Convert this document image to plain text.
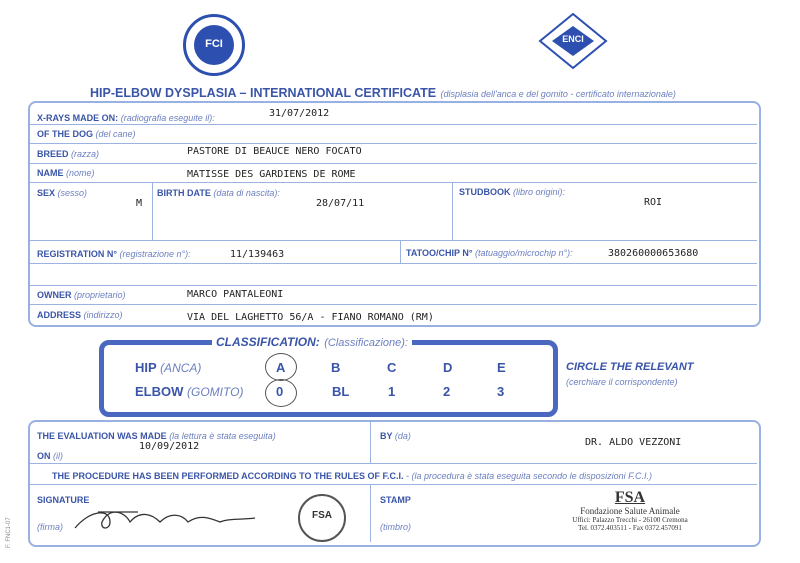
FCI	ENCI
HIP-ELBOW DYSPLASIA – INTERNATIONAL CERTIFICATE (displasia dell'anca e del gomito - certificato internazionale)
X-RAYS MADE ON: (radiografia eseguite il):	31/07/2012
OF THE DOG (del cane)
BREED (razza)	PASTORE DI BEAUCE NERO FOCATO
NAME (nome)	MATISSE DES GARDIENS DE ROME
SEX (sesso)
M
BIRTH DATE (data di nascita):
28/07/11
STUDBOOK (libro origini):
ROI
REGISTRATION N° (registrazione n°):	11/139463	TATOO/CHIP N° (tatuaggio/microchip n°):	380260000653680
OWNER (proprietario)	MARCO PANTALEONI
ADDRESS (indirizzo)	VIA DEL LAGHETTO 56/A - FIANO ROMANO (RM)
CLASSIFICATION: (Classificazione):
HIP (ANCA)
ELBOW (GOMITO)
A	B	C	D	E
0	BL	1	2	3
CIRCLE THE RELEVANT
(cerchiare il corrispondente)
THE EVALUATION WAS MADE (la lettura è stata eseguita)
ON (il)
10/09/2012
BY (da)
DR. ALDO VEZZONI
THE PROCEDURE HAS BEEN PERFORMED ACCORDING TO THE RULES OF F.C.I. - (la procedura è stata eseguita secondo le disposizioni F.C.I.)
SIGNATURE
(firma)
FSA
STAMP
(timbro)
FSA
Fondazione Salute Animale
Uffici: Palazzo Trecchi - 26100 Cremona
Tel. 0372.403511 - Fax 0372.457091
F. FNC1-07
